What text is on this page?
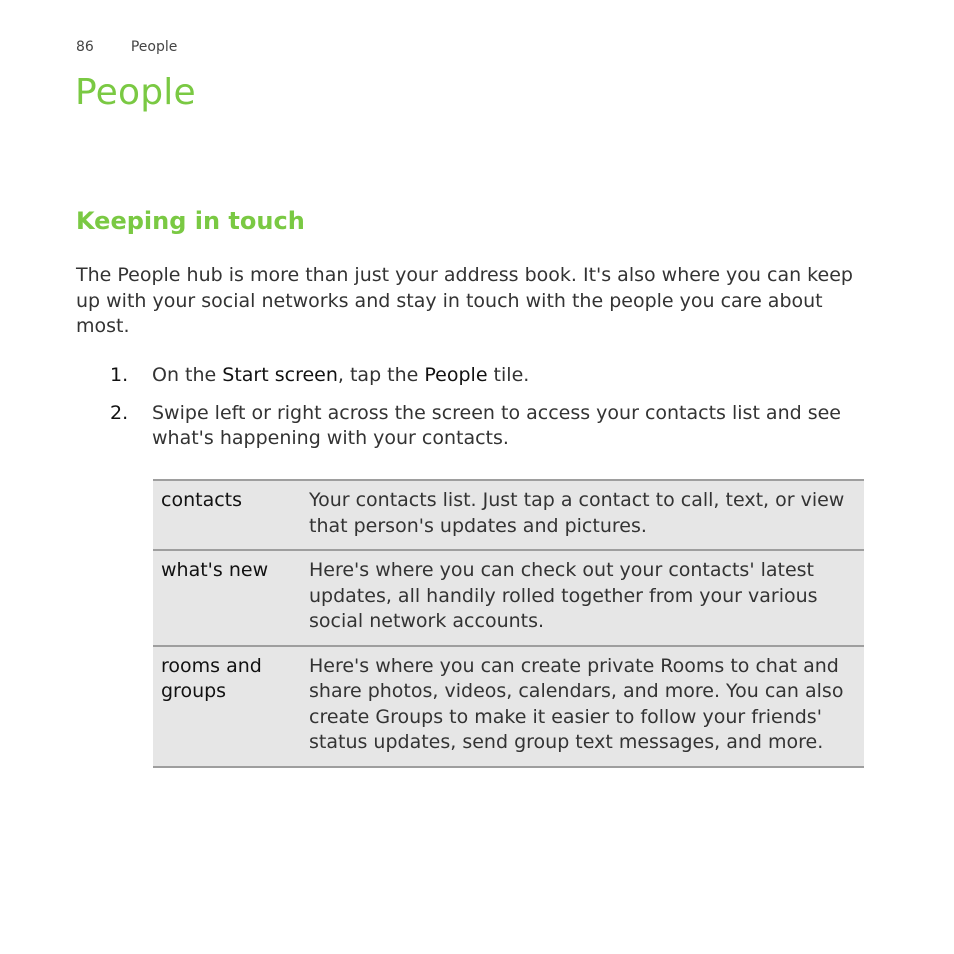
86	People
People
Keeping in touch

The People hub is more than just your address book. It's also where you can keep up with your social networks and stay in touch with the people you care about most.

1.	On the Start screen, tap the People tile.
2.	Swipe left or right across the screen to access your contacts list and see what's happening with your contacts.
contacts	Your contacts list. Just tap a contact to call, text, or view that person's updates and pictures.
what's new	Here's where you can check out your contacts' latest updates, all handily rolled together from your various social network accounts.
rooms and groups	Here's where you can create private Rooms to chat and share photos, videos, calendars, and more. You can also create Groups to make it easier to follow your friends' status updates, send group text messages, and more.
